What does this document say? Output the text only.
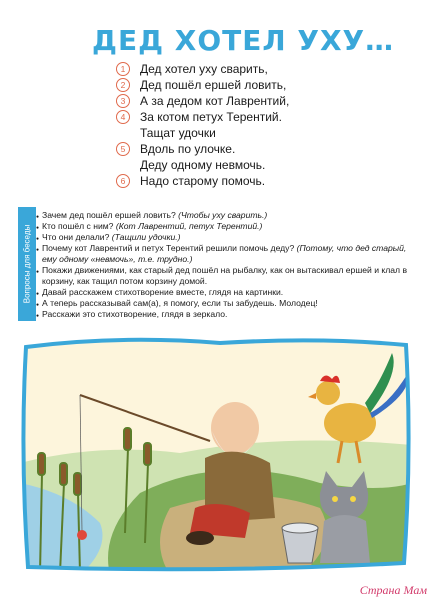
ДЕД ХОТЕЛ УХУ…
1	Дед хотел уху сварить,
2	Дед пошёл ершей ловить,
3	А за дедом кот Лаврентий,
4	За котом петух Терентий.
Тащат удочки
5	Вдоль по улочке.
Деду одному невмочь.
6	Надо старому помочь.
Вопросы для беседы
● Зачем дед пошёл ершей ловить? (Чтобы уху сварить.)
● Кто пошёл с ним? (Кот Лаврентий, петух Терентий.)
● Что они делали? (Тащили удочки.)
● Почему кот Лаврентий и петух Терентий решили помочь деду? (Потому, что дед старый, ему одному «невмочь», т.е. трудно.)
● Покажи движениями, как старый дед пошёл на рыбалку, как он вытаскивал ершей и клал в корзину, как тащил потом корзину домой.
● Давай расскажем стихотворение вместе, глядя на картинки.
● А теперь рассказывай сам(а), я помогу, если ты забудешь. Молодец!
● Расскажи это стихотворение, глядя в зеркало.
Страна Мам
